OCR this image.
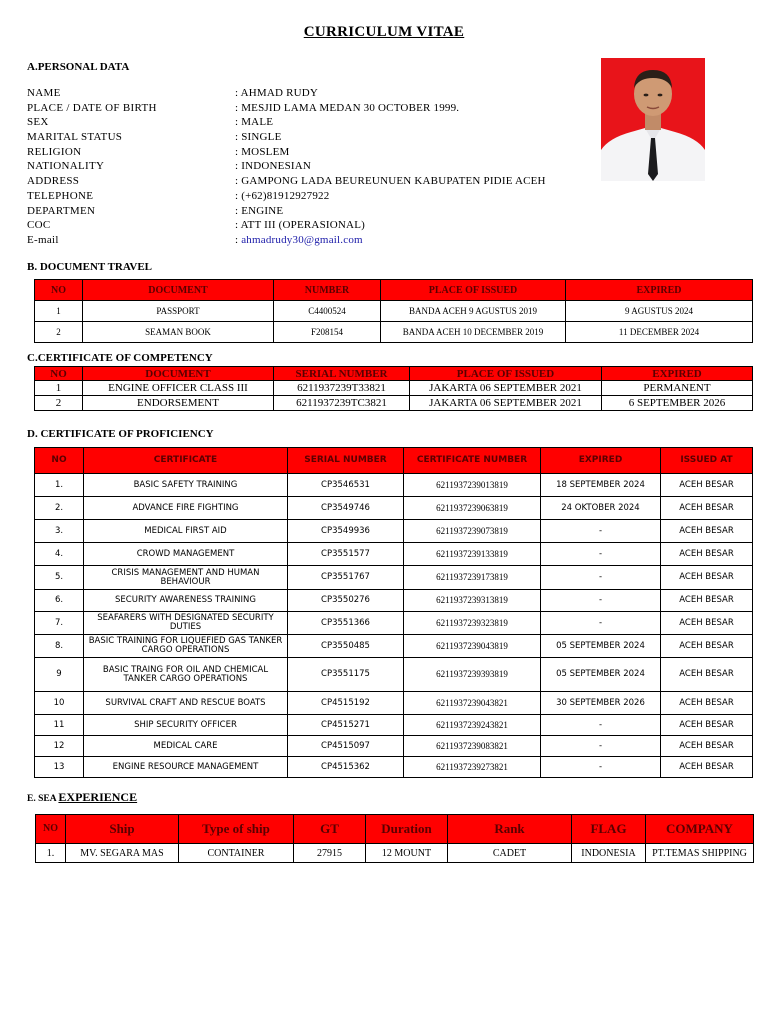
CURRICULUM VITAE
A.PERSONAL DATA
NAME	: AHMAD RUDY
PLACE / DATE OF BIRTH	: MESJID LAMA MEDAN 30 OCTOBER 1999.
SEX	: MALE
MARITAL STATUS	: SINGLE
RELIGION	: MOSLEM
NATIONALITY	: INDONESIAN
ADDRESS	: GAMPONG LADA BEUREUNUEN KABUPATEN PIDIE ACEH
TELEPHONE	: (+62)81912927922
DEPARTMEN	: ENGINE
COC	: ATT III (OPERASIONAL)
E-mail	: ahmadrudy30@gmail.com
B. DOCUMENT TRAVEL
NO	DOCUMENT	NUMBER	PLACE OF ISSUED	EXPIRED
1	PASSPORT	C4400524	BANDA ACEH 9 AGUSTUS 2019	9 AGUSTUS 2024
2	SEAMAN BOOK	F208154	BANDA ACEH 10 DECEMBER 2019	11 DECEMBER 2024
C.CERTIFICATE OF COMPETENCY
NO	DOCUMENT	SERIAL NUMBER	PLACE OF ISSUED	EXPIRED
1	ENGINE OFFICER CLASS III	6211937239T33821	JAKARTA 06 SEPTEMBER 2021	PERMANENT
2	ENDORSEMENT	6211937239TC3821	JAKARTA 06 SEPTEMBER 2021	6 SEPTEMBER 2026
D. CERTIFICATE OF PROFICIENCY
NO	CERTIFICATE	SERIAL NUMBER	CERTIFICATE NUMBER	EXPIRED	ISSUED AT
1.	BASIC SAFETY TRAINING	CP3546531	6211937239013819	18 SEPTEMBER 2024	ACEH BESAR
2.	ADVANCE FIRE FIGHTING	CP3549746	6211937239063819	24 OKTOBER 2024	ACEH BESAR
3.	MEDICAL FIRST AID	CP3549936	6211937239073819	-	ACEH BESAR
4.	CROWD MANAGEMENT	CP3551577	6211937239133819	-	ACEH BESAR
5.	CRISIS MANAGEMENT AND HUMAN BEHAVIOUR	CP3551767	6211937239173819	-	ACEH BESAR
6.	SECURITY AWARENESS TRAINING	CP3550276	6211937239313819	-	ACEH BESAR
7.	SEAFARERS WITH DESIGNATED SECURITY DUTIES	CP3551366	6211937239323819	-	ACEH BESAR
8.	BASIC TRAINING FOR LIQUEFIED GAS TANKER CARGO OPERATIONS	CP3550485	6211937239043819	05 SEPTEMBER 2024	ACEH BESAR
9	BASIC TRAING FOR OIL AND CHEMICAL TANKER CARGO OPERATIONS	CP3551175	6211937239393819	05 SEPTEMBER 2024	ACEH BESAR
10	SURVIVAL CRAFT AND RESCUE BOATS	CP4515192	6211937239043821	30 SEPTEMBER 2026	ACEH BESAR
11	SHIP SECURITY OFFICER	CP4515271	6211937239243821	-	ACEH BESAR
12	MEDICAL CARE	CP4515097	6211937239083821	-	ACEH BESAR
13	ENGINE RESOURCE MANAGEMENT	CP4515362	6211937239273821	-	ACEH BESAR
E. SEA EXPERIENCE
NO	Ship	Type of ship	GT	Duration	Rank	FLAG	COMPANY
1.	MV. SEGARA MAS	CONTAINER	27915	12 MOUNT	CADET	INDONESIA	PT.TEMAS SHIPPING
